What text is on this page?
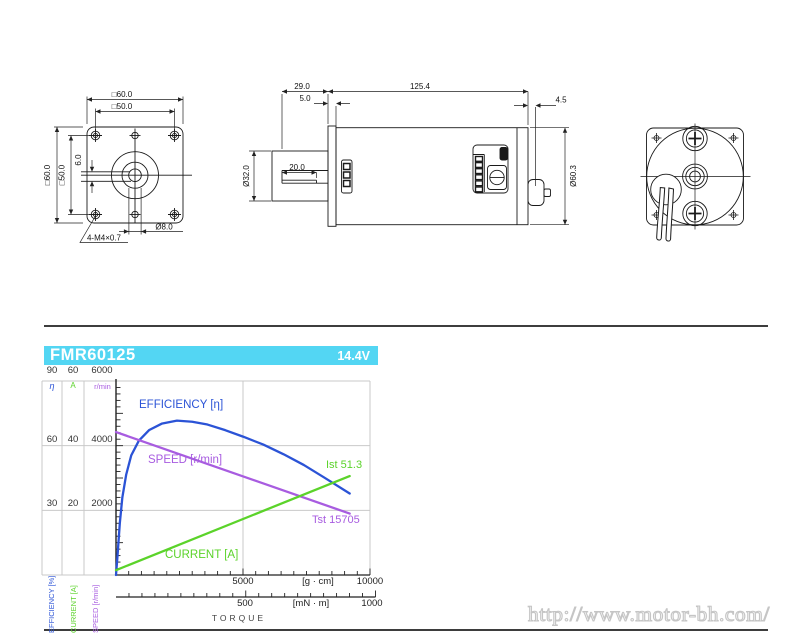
□60.0
□50.0
□60.0 □50.0
6.0
Ø8.0
4-M4×0.7
29.0
5.0
125.4
4.5
20.0
Ø32.0	Ø60.3
FMR60125	14.4V
90	60	6000
η	A	r/min
60	40	4000
30	20	2000
EFFICIENCY [%] CURRENT [A] SPEED [r/min]
EFFICIENCY [η]
SPEED [r/min]
CURRENT [A]
Ist 51.3
Tst 15705
5000	[g · cm]	10000
500	[mN · m]	1000
TORQUE	http://www.motor-bh.com/
